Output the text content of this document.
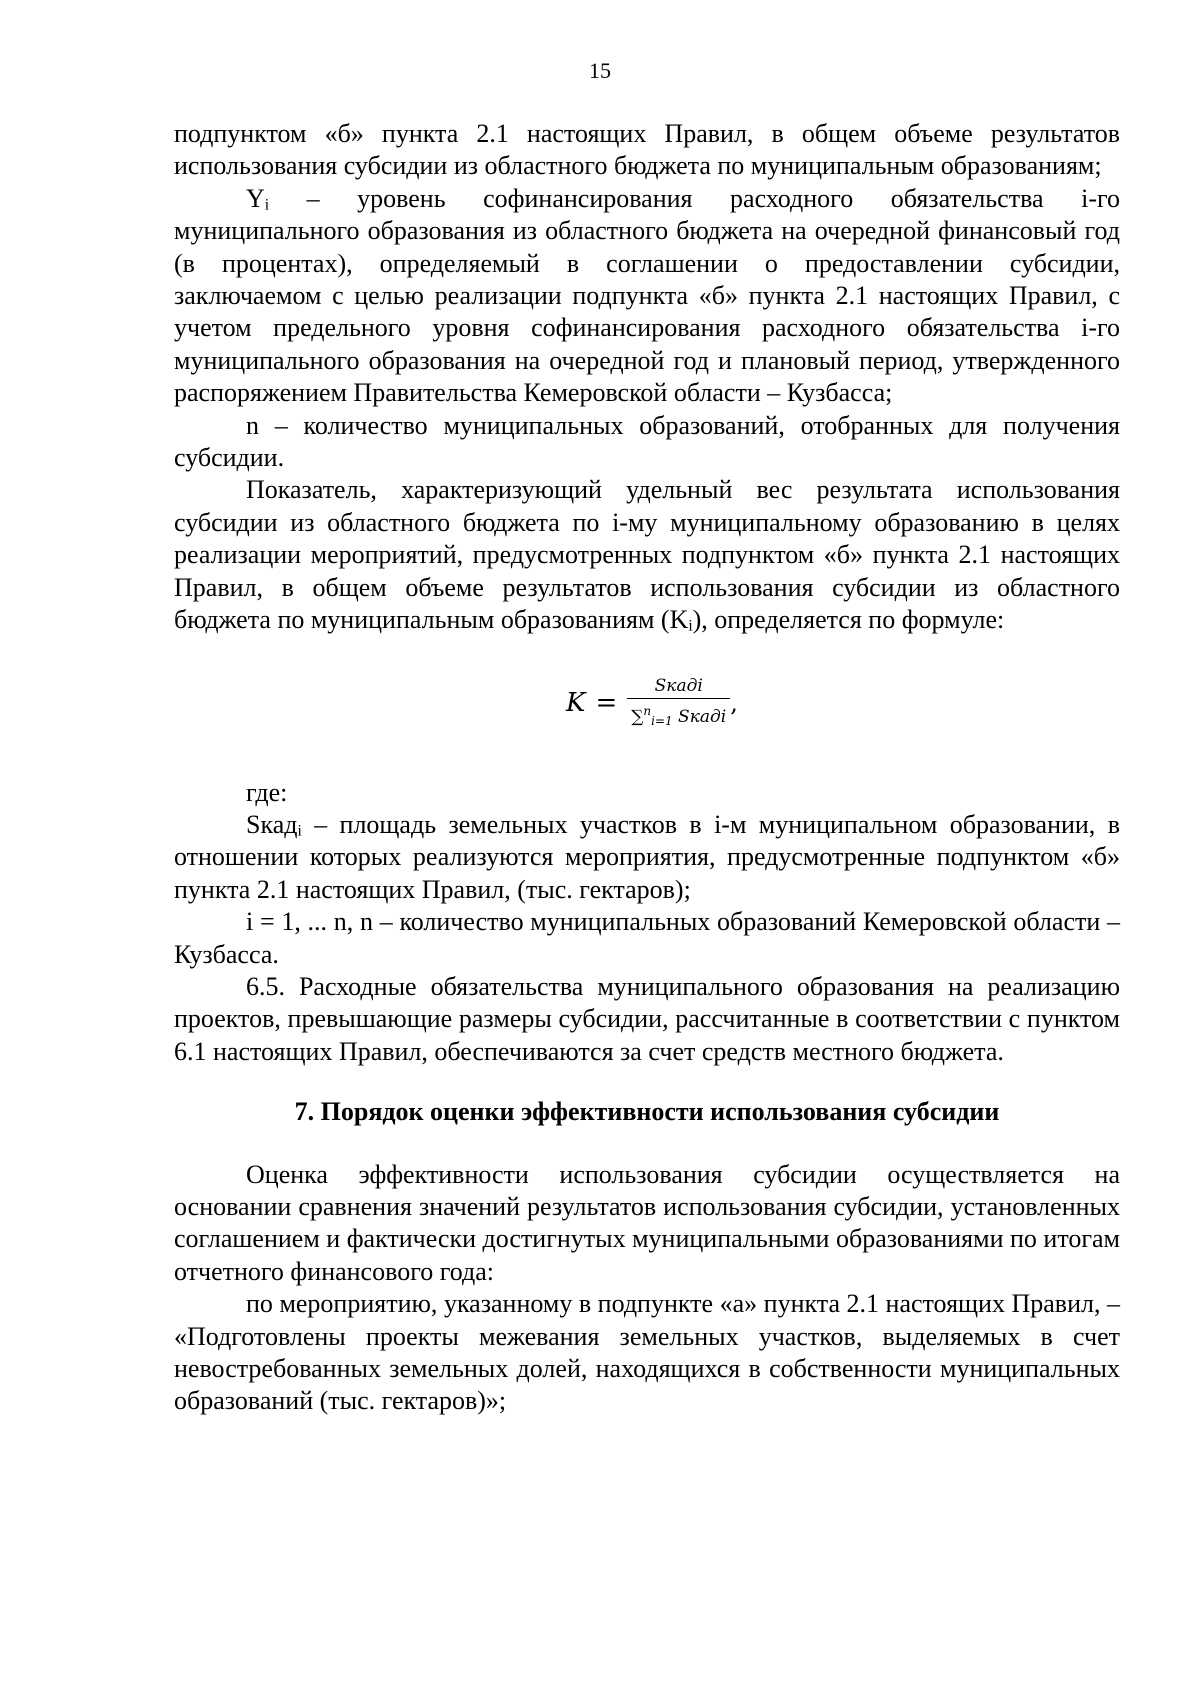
15

подпунктом «б» пункта 2.1 настоящих Правил, в общем объеме результатов использования субсидии из областного бюджета по муниципальным образованиям;

Yᵢ – уровень софинансирования расходного обязательства i-го муниципального образования из областного бюджета на очередной финансовый год (в процентах), определяемый в соглашении о предоставлении субсидии, заключаемом с целью реализации подпункта «б» пункта 2.1 настоящих Правил, с учетом предельного уровня софинансирования расходного обязательства i-го муниципального образования на очередной год и плановый период, утвержденного распоряжением Правительства Кемеровской области – Кузбасса;

n – количество муниципальных образований, отобранных для получения субсидии.

Показатель, характеризующий удельный вес результата использования субсидии из областного бюджета по i-му муниципальному образованию в целях реализации мероприятий, предусмотренных подпунктом «б» пункта 2.1 настоящих Правил, в общем объеме результатов использования субсидии из областного бюджета по муниципальным образованиям (Kᵢ), определяется по формуле:

$K = \frac{\text{Sкадi}}{\sum^n_{i=1} Sкадi}$ ,

где:

Sкадᵢ – площадь земельных участков в i-м муниципальном образовании, в отношении которых реализуются мероприятия, предусмотренные подпунктом «б» пункта 2.1 настоящих Правил, (тыс. гектаров);

i = 1, ... n, n – количество муниципальных образований Кемеровской области – Кузбасса.

6.5. Расходные обязательства муниципального образования на реализацию проектов, превышающие размеры субсидии, рассчитанные в соответствии с пунктом 6.1 настоящих Правил, обеспечиваются за счет средств местного бюджета.

7. Порядок оценки эффективности использования субсидии

Оценка эффективности использования субсидии осуществляется на основании сравнения значений результатов использования субсидии, установленных соглашением и фактически достигнутых муниципальными образованиями по итогам отчетного финансового года:

по мероприятию, указанному в подпункте «а» пункта 2.1 настоящих Правил, – «Подготовлены проекты межевания земельных участков, выделяемых в счет невостребованных земельных долей, находящихся в собственности муниципальных образований (тыс. гектаров)»;
